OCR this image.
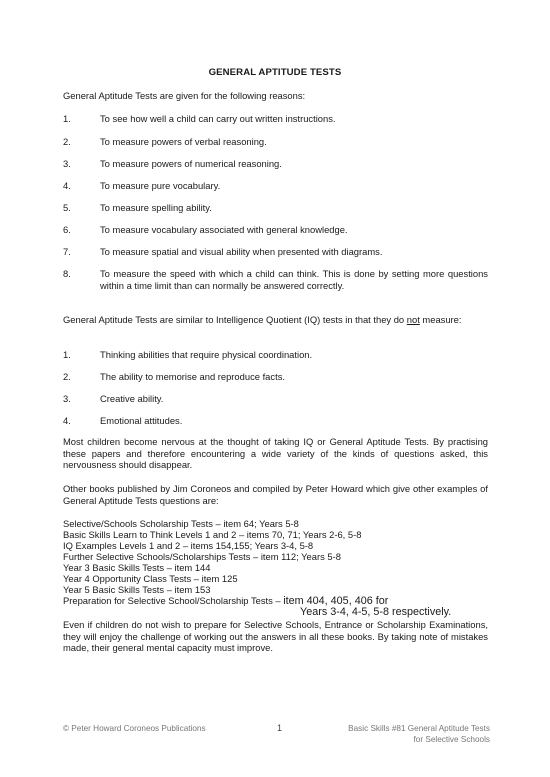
GENERAL APTITUDE TESTS
General Aptitude Tests are given for the following reasons:
1.	To see how well a child can carry out written instructions.
2.	To measure powers of verbal reasoning.
3.	To measure powers of numerical reasoning.
4.	To measure pure vocabulary.
5.	To measure spelling ability.
6.	To measure vocabulary associated with general knowledge.
7.	To measure spatial and visual ability when presented with diagrams.
8.	To measure the speed with which a child can think. This is done by setting more questions within a time limit than can normally be answered correctly.
General Aptitude Tests are similar to Intelligence Quotient (IQ) tests in that they do not measure:
1.	Thinking abilities that require physical coordination.
2.	The ability to memorise and reproduce facts.
3.	Creative ability.
4.	Emotional attitudes.
Most children become nervous at the thought of taking IQ or General Aptitude Tests. By practising these papers and therefore encountering a wide variety of the kinds of questions asked, this nervousness should disappear.
Other books published by Jim Coroneos and compiled by Peter Howard which give other examples of General Aptitude Tests questions are:
Selective/Schools Scholarship Tests – item 64; Years 5-8
Basic Skills Learn to Think Levels 1 and 2 – items 70, 71; Years 2-6, 5-8
IQ Examples Levels 1 and 2 – items 154,155; Years 3-4, 5-8
Further Selective Schools/Scholarships Tests – item 112; Years 5-8
Year 3 Basic Skills Tests – item 144
Year 4 Opportunity Class Tests – item 125
Year 5 Basic Skills Tests – item 153
Preparation for Selective School/Scholarship Tests – item 404, 405, 406 for
Years 3-4, 4-5, 5-8 respectively.
Even if children do not wish to prepare for Selective Schools, Entrance or Scholarship Examinations, they will enjoy the challenge of working out the answers in all these books. By taking note of mistakes made, their general mental capacity must improve.
© Peter Howard Coroneos Publications	1	Basic Skills #81 General Aptitude Tests
for Selective Schools
